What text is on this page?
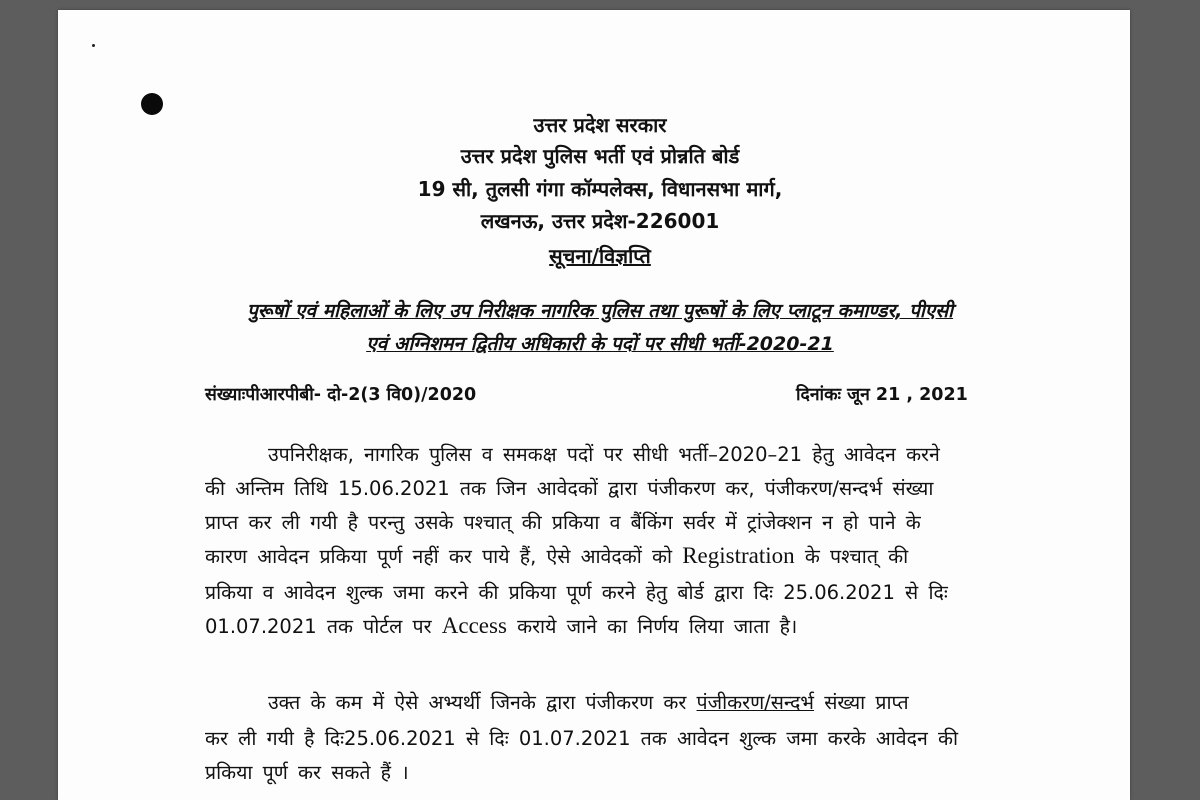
उत्तर प्रदेश सरकार
उत्तर प्रदेश पुलिस भर्ती एवं प्रोन्नति बोर्ड
19 सी, तुलसी गंगा कॉम्पलेक्स, विधानसभा मार्ग,
लखनऊ, उत्तर प्रदेश-226001
सूचना/विज्ञप्ति
पुरूषों एवं महिलाओं के लिए उप निरीक्षक नागरिक पुलिस तथा पुरूषों के लिए प्लाटून कमाण्डर, पीएसी
एवं अग्निशमन द्वितीय अधिकारी के पदों पर सीधी भर्ती-2020-21
संख्याःपीआरपीबी- दो-2(3 वि0)/2020	दिनांकः जून 21 , 2021
उपनिरीक्षक, नागरिक पुलिस व समकक्ष पदों पर सीधी भर्ती–2020–21 हेतु आवेदन करने
की अन्तिम तिथि 15.06.2021 तक जिन आवेदकों द्वारा पंजीकरण कर, पंजीकरण/सन्दर्भ संख्या
प्राप्त कर ली गयी है परन्तु उसके पश्चात् की प्रकिया व बैंकिंग सर्वर में ट्रांजेक्शन न हो पाने के
कारण आवेदन प्रकिया पूर्ण नहीं कर पाये हैं, ऐसे आवेदकों को Registration के पश्चात् की
प्रकिया व आवेदन शुल्क जमा करने की प्रकिया पूर्ण करने हेतु बोर्ड द्वारा दिः 25.06.2021 से दिः
01.07.2021 तक पोर्टल पर Access कराये जाने का निर्णय लिया जाता है।
उक्त के कम में ऐसे अभ्यर्थी जिनके द्वारा पंजीकरण कर पंजीकरण/सन्दर्भ संख्या प्राप्त
कर ली गयी है दिः25.06.2021 से दिः 01.07.2021 तक आवेदन शुल्क जमा करके आवेदन की
प्रकिया पूर्ण कर सकते हैं ।
